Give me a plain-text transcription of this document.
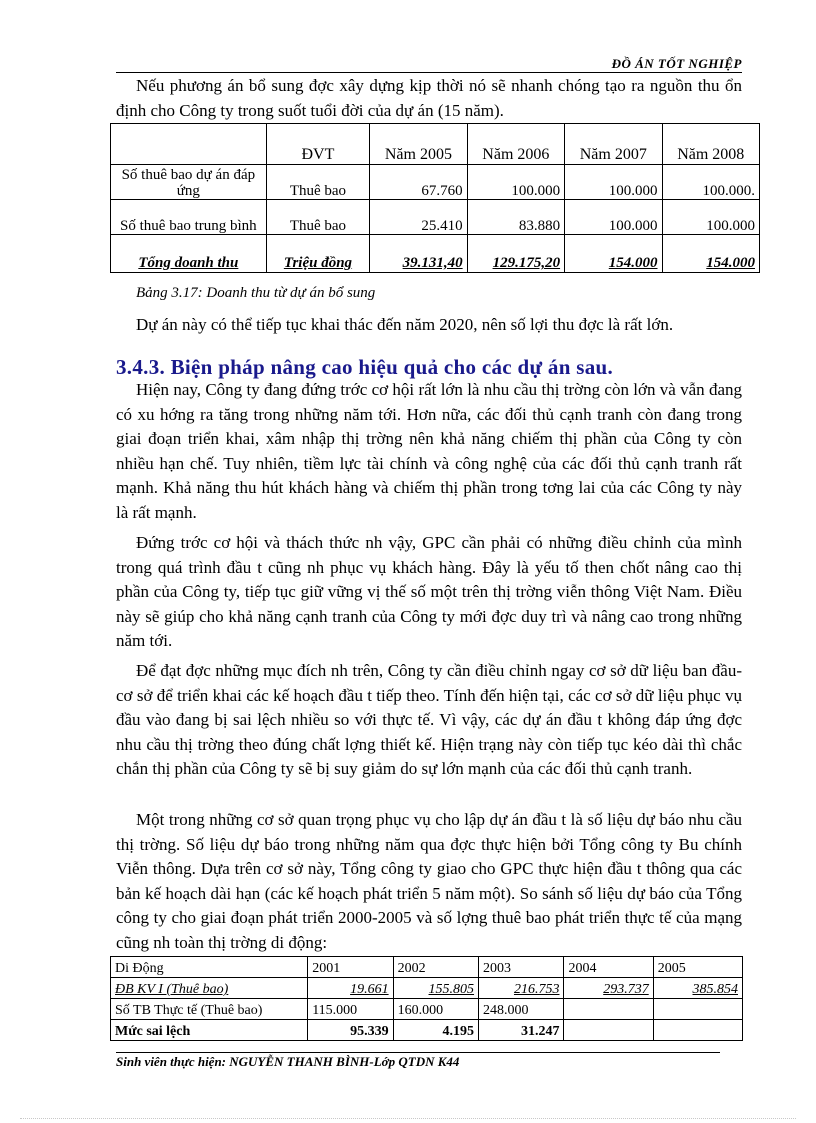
ĐỒ ÁN TỐT NGHIỆP

Nếu phương án bổ sung đợc xây dựng kịp thời nó sẽ nhanh chóng tạo ra nguồn thu ổn định cho Công ty trong suốt tuổi đời của dự án (15 năm).

	ĐVT	Năm 2005	Năm 2006	Năm 2007	Năm 2008
Số thuê bao dự án đáp ứng	Thuê bao	67.760	100.000	100.000	100.000.
Số thuê bao trung bình	Thuê bao	25.410	83.880	100.000	100.000
Tổng doanh thu	Triệu đồng	39.131,40	129.175,20	154.000	154.000
Bảng 3.17: Doanh thu từ dự án bổ sung

Dự án này có thể tiếp tục khai thác đến năm 2020, nên số lợi thu đợc là rất lớn.

3.4.3. Biện pháp nâng cao hiệu quả cho các dự án sau.

Hiện nay, Công ty đang đứng trớc cơ hội rất lớn là nhu cầu thị trờng còn lớn và vẫn đang có xu hớng ra tăng trong những năm tới. Hơn nữa, các đối thủ cạnh tranh còn đang trong giai đoạn triển khai, xâm nhập thị trờng nên khả năng chiếm thị phần của Công ty còn nhiều hạn chế. Tuy nhiên, tiềm lực tài chính và công nghệ của các đối thủ cạnh tranh rất mạnh. Khả năng thu hút khách hàng và chiếm thị phần trong tơng lai của các Công ty này là rất mạnh.

Đứng trớc cơ hội và thách thức nh vậy, GPC cần phải có những điều chỉnh của mình trong quá trình đầu t cũng nh phục vụ khách hàng. Đây là yếu tố then chốt nâng cao thị phần của Công ty, tiếp tục giữ vững vị thế số một trên thị trờng viễn thông Việt Nam. Điều này sẽ giúp cho khả năng cạnh tranh của Công ty mới đợc duy trì và nâng cao trong những năm tới.

Để đạt đợc những mục đích nh trên, Công ty cần điều chỉnh ngay cơ sở dữ liệu ban đầu-cơ sở để triển khai các kế hoạch đầu t tiếp theo. Tính đến hiện tại, các cơ sở dữ liệu phục vụ đầu vào đang bị sai lệch nhiều so với thực tế. Vì vậy, các dự án đầu t không đáp ứng đợc nhu cầu thị trờng theo đúng chất lợng thiết kế. Hiện trạng này còn tiếp tục kéo dài thì chắc chắn thị phần của Công ty sẽ bị suy giảm do sự lớn mạnh của các đối thủ cạnh tranh.

Một trong những cơ sở quan trọng phục vụ cho lập dự án đầu t là số liệu dự báo nhu cầu thị trờng. Số liệu dự báo trong những năm qua đợc thực hiện bởi Tổng công ty Bu chính Viễn thông. Dựa trên cơ sở này, Tổng công ty giao cho GPC thực hiện đầu t thông qua các bản kế hoạch dài hạn (các kế hoạch phát triển 5 năm một). So sánh số liệu dự báo của Tổng công ty cho giai đoạn phát triển 2000-2005 và số lợng thuê bao phát triển thực tế của mạng cũng nh toàn thị trờng di động:

Di Động	2001	2002	2003	2004	2005
ĐB KV I (Thuê bao)	19.661	155.805	216.753	293.737	385.854
Số TB Thực tế (Thuê bao)	115.000	160.000	248.000		
Mức sai lệch	95.339	4.195	31.247		
Sinh viên thực hiện: NGUYỄN THANH BÌNH-Lớp QTDN K44
